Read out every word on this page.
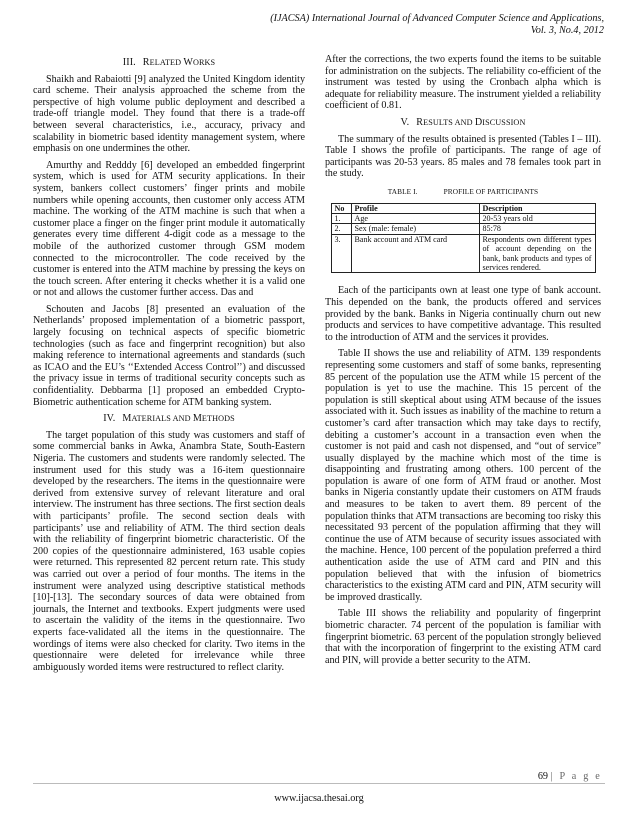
(IJACSA) International Journal of Advanced Computer Science and Applications,
Vol. 3, No.4, 2012
III. RELATED WORKS

Shaikh and Rabaiotti [9] analyzed the United Kingdom identity card scheme. Their analysis approached the scheme from the perspective of high volume public deployment and described a trade-off triangle model. They found that there is a trade-off between several characteristics, i.e., accuracy, privacy and scalability in biometric based identity management system, where emphasis on one undermines the other.

Amurthy and Redddy [6] developed an embedded fingerprint system, which is used for ATM security applications. In their system, bankers collect customers’ finger prints and mobile numbers while opening accounts, then customer only access ATM machine. The working of the ATM machine is such that when a customer place a finger on the finger print module it automatically generates every time different 4-digit code as a message to the mobile of the authorized customer through GSM modem connected to the microcontroller. The code received by the customer is entered into the ATM machine by pressing the keys on the touch screen. After entering it checks whether it is a valid one or not and allows the customer further access. Das and

Schouten and Jacobs [8] presented an evaluation of the Netherlands’ proposed implementation of a biometric passport, largely focusing on technical aspects of specific biometric technologies (such as face and fingerprint recognition) but also making reference to international agreements and standards (such as ICAO and the EU’s ‘‘Extended Access Control’’) and discussed the privacy issue in terms of traditional security concepts such as confidentiality. Debbarma [1] proposed an embedded Crypto-Biometric authentication scheme for ATM banking system.

IV. MATERIALS AND METHODS

The target population of this study was customers and staff of some commercial banks in Awka, Anambra State, South-Eastern Nigeria. The customers and students were randomly selected. The instrument used for this study was a 16-item questionnaire developed by the researchers. The items in the questionnaire were derived from extensive survey of relevant literature and oral interview. The instrument has three sections. The first section deals with participants’ profile. The second section deals with participants’ use and reliability of ATM. The third section deals with the reliability of fingerprint biometric characteristic. Of the 200 copies of the questionnaire administered, 163 usable copies were returned. This represented 82 percent return rate. This study was carried out over a period of four months. The items in the instrument were analyzed using descriptive statistical methods [10]-[13]. The secondary sources of data were obtained from journals, the Internet and textbooks. Expert judgments were used to ascertain the validity of the items in the questionnaire. Two experts face-validated all the items in the questionnaire. The wordings of items were also checked for clarity. Two items in the questionnaire were deleted for irrelevance while three ambiguously worded items were restructured to reflect clarity.

After the corrections, the two experts found the items to be suitable for administration on the subjects. The reliability co-efficient of the instrument was tested by using the Cronbach alpha which is adequate for reliability measure. The instrument yielded a reliability coefficient of 0.81.

V. RESULTS AND DISCUSSION

The summary of the results obtained is presented (Tables I – III). Table I shows the profile of participants. The range of age of participants was 20-53 years. 85 males and 78 females took part in the study.

TABLE I.	PROFILE OF PARTICIPANTS
No	Profile	Description
1.	Age	20-53 years old
2.	Sex (male: female)	85:78
3.	Bank account and ATM card	Respondents own different types of account depending on the bank, bank products and types of services rendered.

Each of the participants own at least one type of bank account. This depended on the bank, the products offered and services provided by the bank. Banks in Nigeria continually churn out new products and services to have competitive advantage. This resulted to the introduction of ATM and the services it provides.

Table II shows the use and reliability of ATM. 139 respondents representing some customers and staff of some banks, representing 85 percent of the population use the ATM while 15 percent of the population is yet to use the machine. This 15 percent of the population is still skeptical about using ATM because of the issues associated with it. Such issues as inability of the machine to return a customer’s card after transaction which may take days to rectify, debiting a customer’s account in a transaction even when the customer is not paid and cash not dispensed, and “out of service” usually displayed by the machine which most of the time is disappointing and frustrating among others. 100 percent of the population is aware of one form of ATM fraud or another. Most banks in Nigeria constantly update their customers on ATM frauds and measures to be taken to avert them. 89 percent of the population thinks that ATM transactions are becoming too risky this necessitated 93 percent of the population affirming that they will continue the use of ATM because of security issues associated with the machine. Hence, 100 percent of the population preferred a third authentication aside the use of ATM card and PIN and this population believed that with the infusion of biometrics characteristics to the existing ATM card and PIN, ATM security will be improved drastically.

Table III shows the reliability and popularity of fingerprint biometric character. 74 percent of the population is familiar with fingerprint biometric. 63 percent of the population strongly believed that with the incorporation of fingerprint to the existing ATM card and PIN, will provide a better security to the ATM.

69 | P a g e
www.ijacsa.thesai.org
